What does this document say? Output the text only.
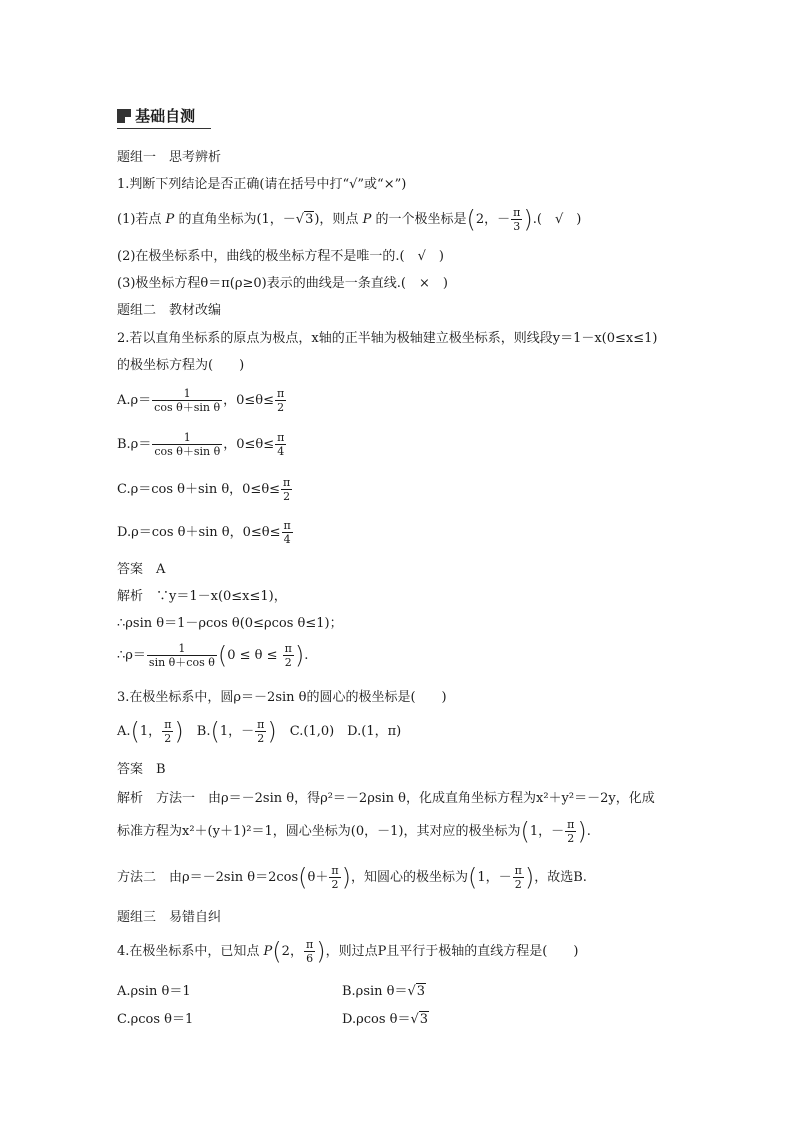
基础自测
题组一　思考辨析
1.判断下列结论是否正确(请在括号中打“√”或“×”)
(1)若点 P 的直角坐标为(1，－√3)，则点 P 的一个极坐标是(2，－ $\frac{\pi}{3}$ ).(　√　)
(2)在极坐标系中，曲线的极坐标方程不是唯一的.(　√　)
(3)极坐标方程θ＝π(ρ≥0)表示的曲线是一条直线.(　×　)
题组二　教材改编
2.若以直角坐标系的原点为极点，x轴的正半轴为极轴建立极坐标系，则线段y＝1－x(0≤x≤1)
的极坐标方程为(　　)
$A.\rho= \frac{1}{\text{cos θ＋sin θ}}$ ，$0\le\theta\le \frac{\pi}{2}$
$B.\rho= \frac{1}{\text{cos θ＋sin θ}}$ ，$0\le\theta\le \frac{\pi}{4}$
C.ρ＝cos θ＋sin θ，$0\le\theta\le \frac{\pi}{2}$
D.ρ＝cos θ＋sin θ，$0\le\theta\le \frac{\pi}{4}$
答案　A
解析　∵y＝1－x(0≤x≤1)，
∴ρsin θ＝1－ρcos θ(0≤ρcos θ≤1)；
∴ρ＝ $\frac{1}{\text{sin θ＋cos θ}} (0 \le \theta \le \frac{\pi}{2}$ ).
3.在极坐标系中，圆ρ＝－2sin θ的圆心的极坐标是(　　)
A.(1， $\frac{\pi}{2}$ )　B.(1，－ $\frac{\pi}{2}$ )　C.(1,0)　D.(1，π)
答案　B
解析　方法一　由ρ＝－2sin θ，得ρ²＝－2ρsin θ，化成直角坐标方程为x²＋y²＝－2y，化成
标准方程为x²＋(y＋1)²＝1，圆心坐标为(0，－1)，其对应的极坐标为(1，－ $\frac{\pi}{2}$ ).
方法二　由ρ＝－2sin $\theta=2\cos(\theta+ \frac{\pi}{2}$ )，知圆心的极坐标为(1，－ $\frac{\pi}{2}$ )，故选B.
题组三　易错自纠
4.在极坐标系中，已知点 P(2， $\frac{\pi}{6}$ )，则过点P且平行于极轴的直线方程是(　　)
A.ρsin θ＝1	B.ρsin θ＝√3
C.ρcos θ＝1	D.ρcos θ＝√3
